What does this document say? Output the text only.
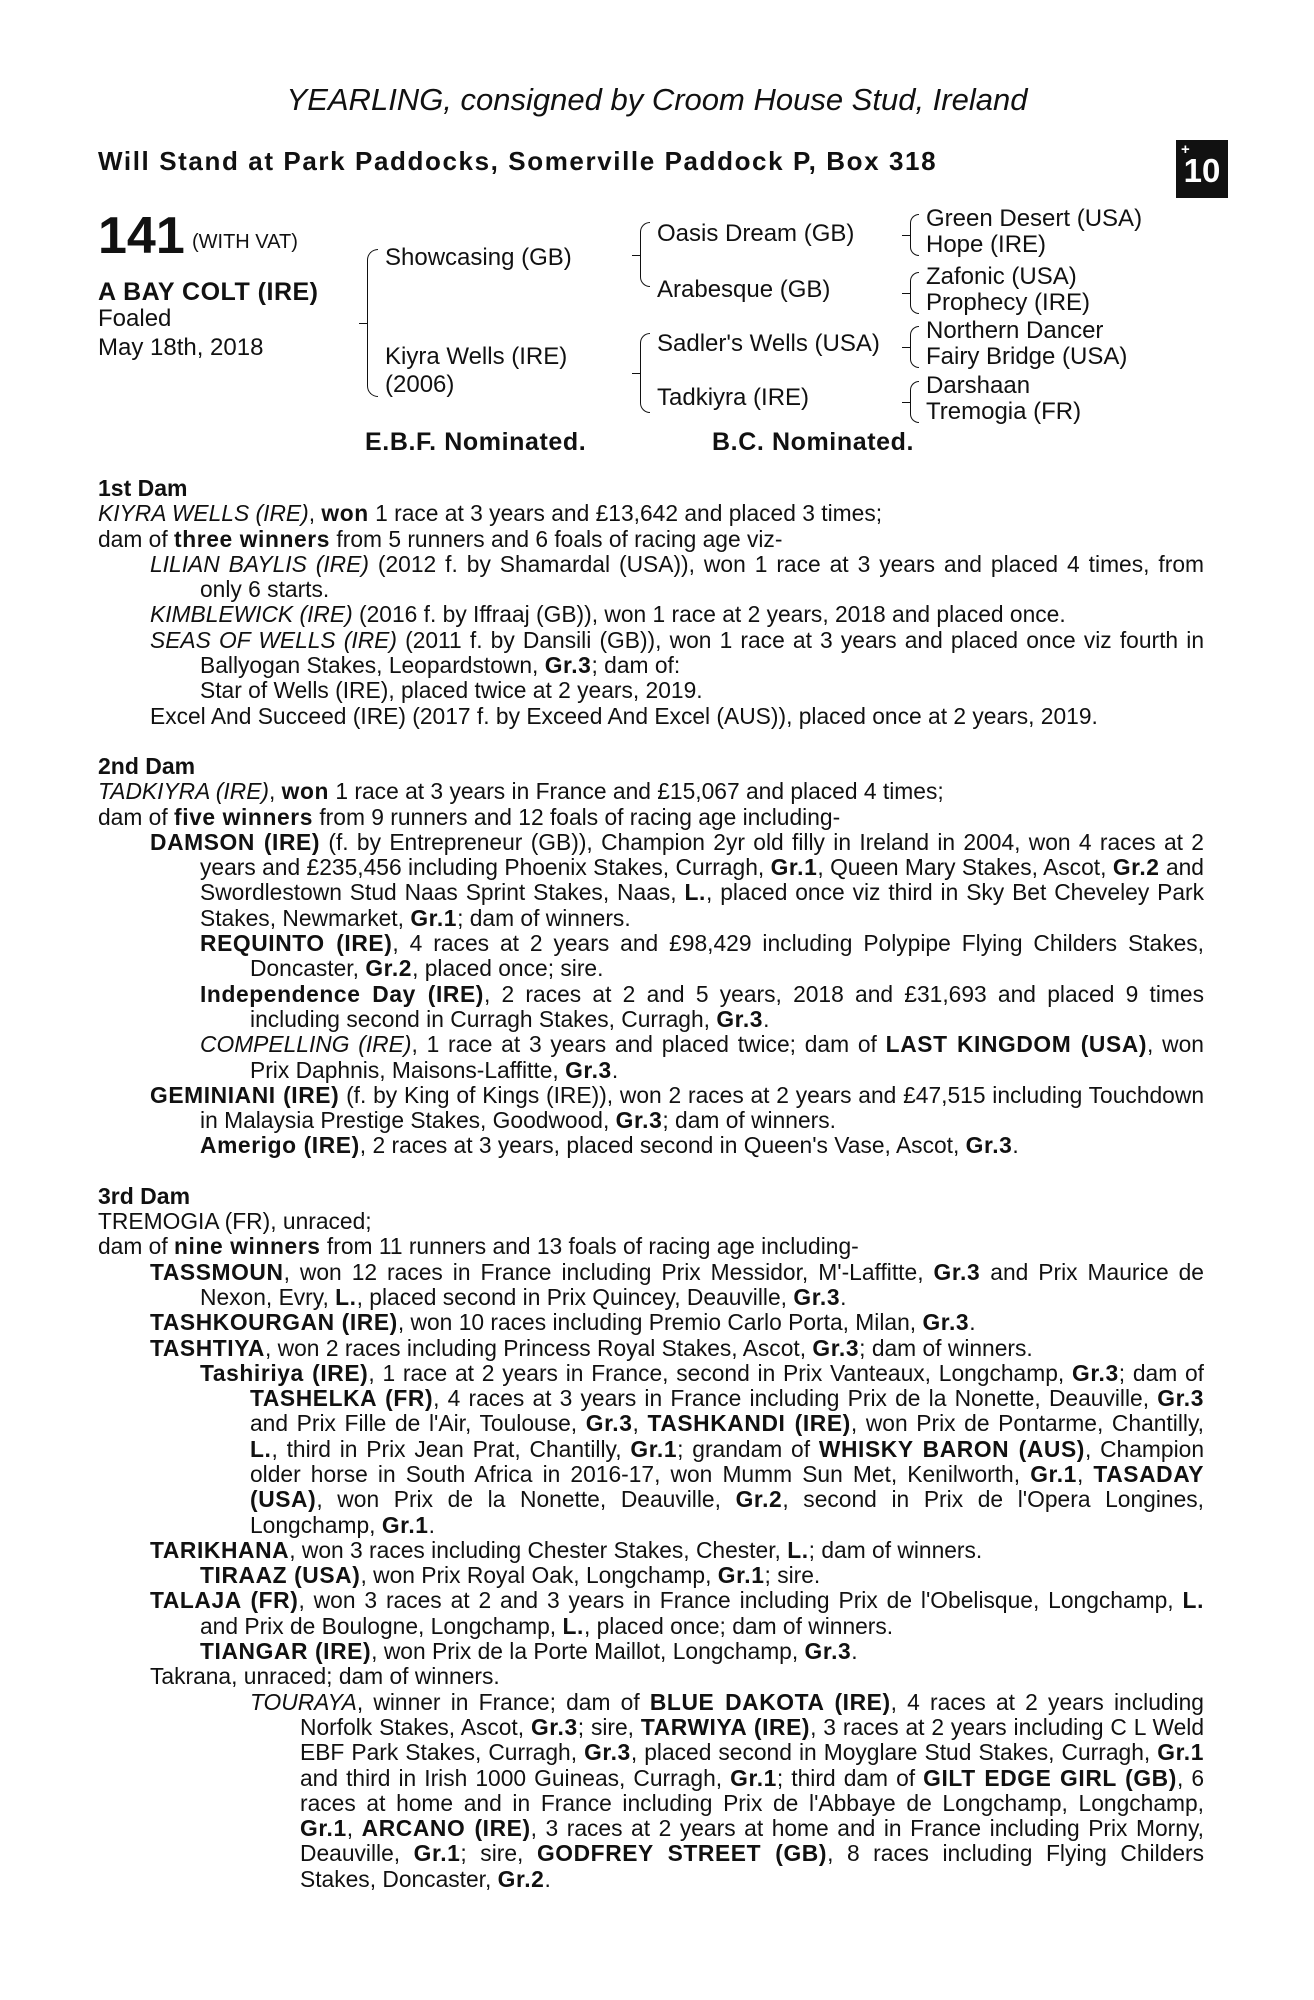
YEARLING, consigned by Croom House Stud, Ireland
Will Stand at Park Paddocks, Somerville Paddock P, Box 318	+
10
141 (WITH VAT)
A BAY COLT (IRE)
Foaled
May 18th, 2018
Showcasing (GB)
Kiyra Wells (IRE)
(2006)
Oasis Dream (GB)
Arabesque (GB)
Sadler's Wells (USA)
Tadkiyra (IRE)
Green Desert (USA)
Hope (IRE)
Zafonic (USA)
Prophecy (IRE)
Northern Dancer
Fairy Bridge (USA)
Darshaan
Tremogia (FR)
E.B.F. Nominated.	B.C. Nominated.

1st Dam

KIYRA WELLS (IRE), won 1 race at 3 years and £13,642 and placed 3 times;

dam of three winners from 5 runners and 6 foals of racing age viz-

LILIAN BAYLIS (IRE) (2012 f. by Shamardal (USA)), won 1 race at 3 years and placed 4 times, from only 6 starts.

KIMBLEWICK (IRE) (2016 f. by Iffraaj (GB)), won 1 race at 2 years, 2018 and placed once.

SEAS OF WELLS (IRE) (2011 f. by Dansili (GB)), won 1 race at 3 years and placed once viz fourth in Ballyogan Stakes, Leopardstown, Gr.3; dam of:

Star of Wells (IRE), placed twice at 2 years, 2019.

Excel And Succeed (IRE) (2017 f. by Exceed And Excel (AUS)), placed once at 2 years, 2019.

2nd Dam

TADKIYRA (IRE), won 1 race at 3 years in France and £15,067 and placed 4 times;

dam of five winners from 9 runners and 12 foals of racing age including-

DAMSON (IRE) (f. by Entrepreneur (GB)), Champion 2yr old filly in Ireland in 2004, won 4 races at 2 years and £235,456 including Phoenix Stakes, Curragh, Gr.1, Queen Mary Stakes, Ascot, Gr.2 and Swordlestown Stud Naas Sprint Stakes, Naas, L., placed once viz third in Sky Bet Cheveley Park Stakes, Newmarket, Gr.1; dam of winners.

REQUINTO (IRE), 4 races at 2 years and £98,429 including Polypipe Flying Childers Stakes, Doncaster, Gr.2, placed once; sire.

Independence Day (IRE), 2 races at 2 and 5 years, 2018 and £31,693 and placed 9 times including second in Curragh Stakes, Curragh, Gr.3.

COMPELLING (IRE), 1 race at 3 years and placed twice; dam of LAST KINGDOM (USA), won Prix Daphnis, Maisons-Laffitte, Gr.3.

GEMINIANI (IRE) (f. by King of Kings (IRE)), won 2 races at 2 years and £47,515 including Touchdown in Malaysia Prestige Stakes, Goodwood, Gr.3; dam of winners.

Amerigo (IRE), 2 races at 3 years, placed second in Queen's Vase, Ascot, Gr.3.

3rd Dam

TREMOGIA (FR), unraced;

dam of nine winners from 11 runners and 13 foals of racing age including-

TASSMOUN, won 12 races in France including Prix Messidor, M'-Laffitte, Gr.3 and Prix Maurice de Nexon, Evry, L., placed second in Prix Quincey, Deauville, Gr.3.

TASHKOURGAN (IRE), won 10 races including Premio Carlo Porta, Milan, Gr.3.

TASHTIYA, won 2 races including Princess Royal Stakes, Ascot, Gr.3; dam of winners.

Tashiriya (IRE), 1 race at 2 years in France, second in Prix Vanteaux, Longchamp, Gr.3; dam of TASHELKA (FR), 4 races at 3 years in France including Prix de la Nonette, Deauville, Gr.3 and Prix Fille de l'Air, Toulouse, Gr.3, TASHKANDI (IRE), won Prix de Pontarme, Chantilly, L., third in Prix Jean Prat, Chantilly, Gr.1; grandam of WHISKY BARON (AUS), Champion older horse in South Africa in 2016-17, won Mumm Sun Met, Kenilworth, Gr.1, TASADAY (USA), won Prix de la Nonette, Deauville, Gr.2, second in Prix de l'Opera Longines, Longchamp, Gr.1.

TARIKHANA, won 3 races including Chester Stakes, Chester, L.; dam of winners.

TIRAAZ (USA), won Prix Royal Oak, Longchamp, Gr.1; sire.

TALAJA (FR), won 3 races at 2 and 3 years in France including Prix de l'Obelisque, Longchamp, L. and Prix de Boulogne, Longchamp, L., placed once; dam of winners.

TIANGAR (IRE), won Prix de la Porte Maillot, Longchamp, Gr.3.

Takrana, unraced; dam of winners.

TOURAYA, winner in France; dam of BLUE DAKOTA (IRE), 4 races at 2 years including Norfolk Stakes, Ascot, Gr.3; sire, TARWIYA (IRE), 3 races at 2 years including C L Weld EBF Park Stakes, Curragh, Gr.3, placed second in Moyglare Stud Stakes, Curragh, Gr.1 and third in Irish 1000 Guineas, Curragh, Gr.1; third dam of GILT EDGE GIRL (GB), 6 races at home and in France including Prix de l'Abbaye de Longchamp, Longchamp, Gr.1, ARCANO (IRE), 3 races at 2 years at home and in France including Prix Morny, Deauville, Gr.1; sire, GODFREY STREET (GB), 8 races including Flying Childers Stakes, Doncaster, Gr.2.
